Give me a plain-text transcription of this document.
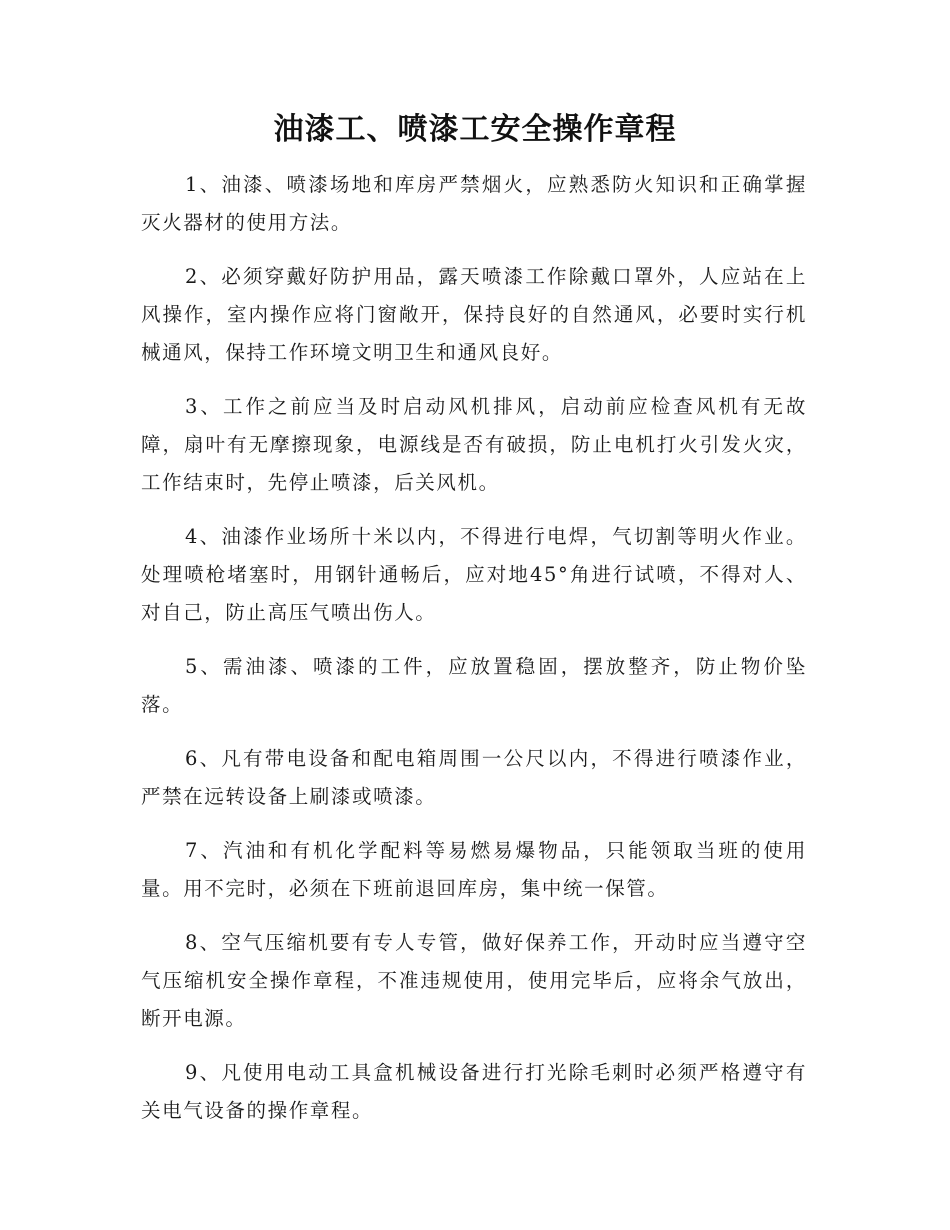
油漆工、喷漆工安全操作章程

1、油漆、喷漆场地和库房严禁烟火，应熟悉防火知识和正确掌握灭火器材的使用方法。

2、必须穿戴好防护用品，露天喷漆工作除戴口罩外，人应站在上风操作，室内操作应将门窗敞开，保持良好的自然通风，必要时实行机械通风，保持工作环境文明卫生和通风良好。

3、工作之前应当及时启动风机排风，启动前应检查风机有无故障，扇叶有无摩擦现象，电源线是否有破损，防止电机打火引发火灾，工作结束时，先停止喷漆，后关风机。

4、油漆作业场所十米以内，不得进行电焊，气切割等明火作业。处理喷枪堵塞时，用钢针通畅后，应对地45°角进行试喷，不得对人、对自己，防止高压气喷出伤人。

5、需油漆、喷漆的工件，应放置稳固，摆放整齐，防止物价坠落。

6、凡有带电设备和配电箱周围一公尺以内，不得进行喷漆作业，严禁在远转设备上刷漆或喷漆。

7、汽油和有机化学配料等易燃易爆物品，只能领取当班的使用量。用不完时，必须在下班前退回库房，集中统一保管。

8、空气压缩机要有专人专管，做好保养工作，开动时应当遵守空气压缩机安全操作章程，不准违规使用，使用完毕后，应将余气放出，断开电源。

9、凡使用电动工具盒机械设备进行打光除毛刺时必须严格遵守有关电气设备的操作章程。
